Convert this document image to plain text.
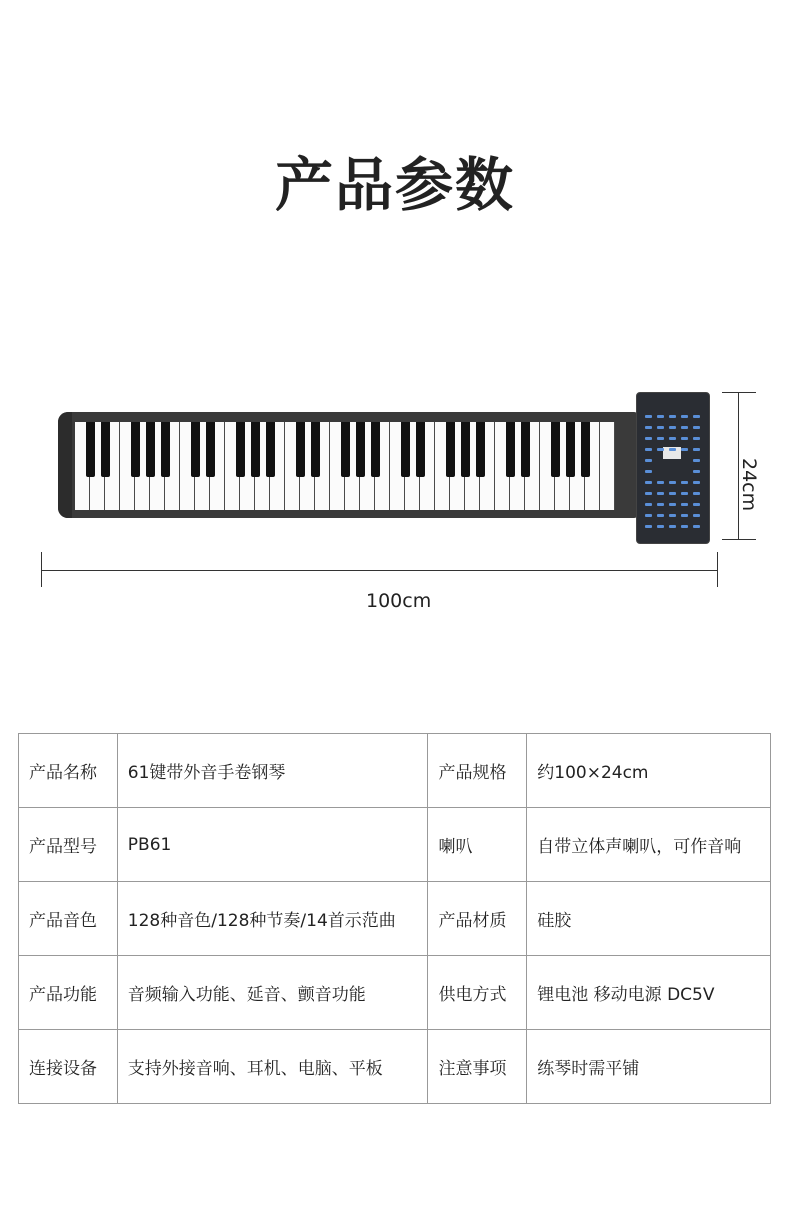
产品参数
24cm
100cm
产品名称	61键带外音手卷钢琴	产品规格	约100×24cm
产品型号	PB61	喇叭	自带立体声喇叭，可作音响
产品音色	128种音色/128种节奏/14首示范曲	产品材质	硅胶
产品功能	音频输入功能、延音、颤音功能	供电方式	锂电池 移动电源 DC5V
连接设备	支持外接音响、耳机、电脑、平板	注意事项	练琴时需平铺
